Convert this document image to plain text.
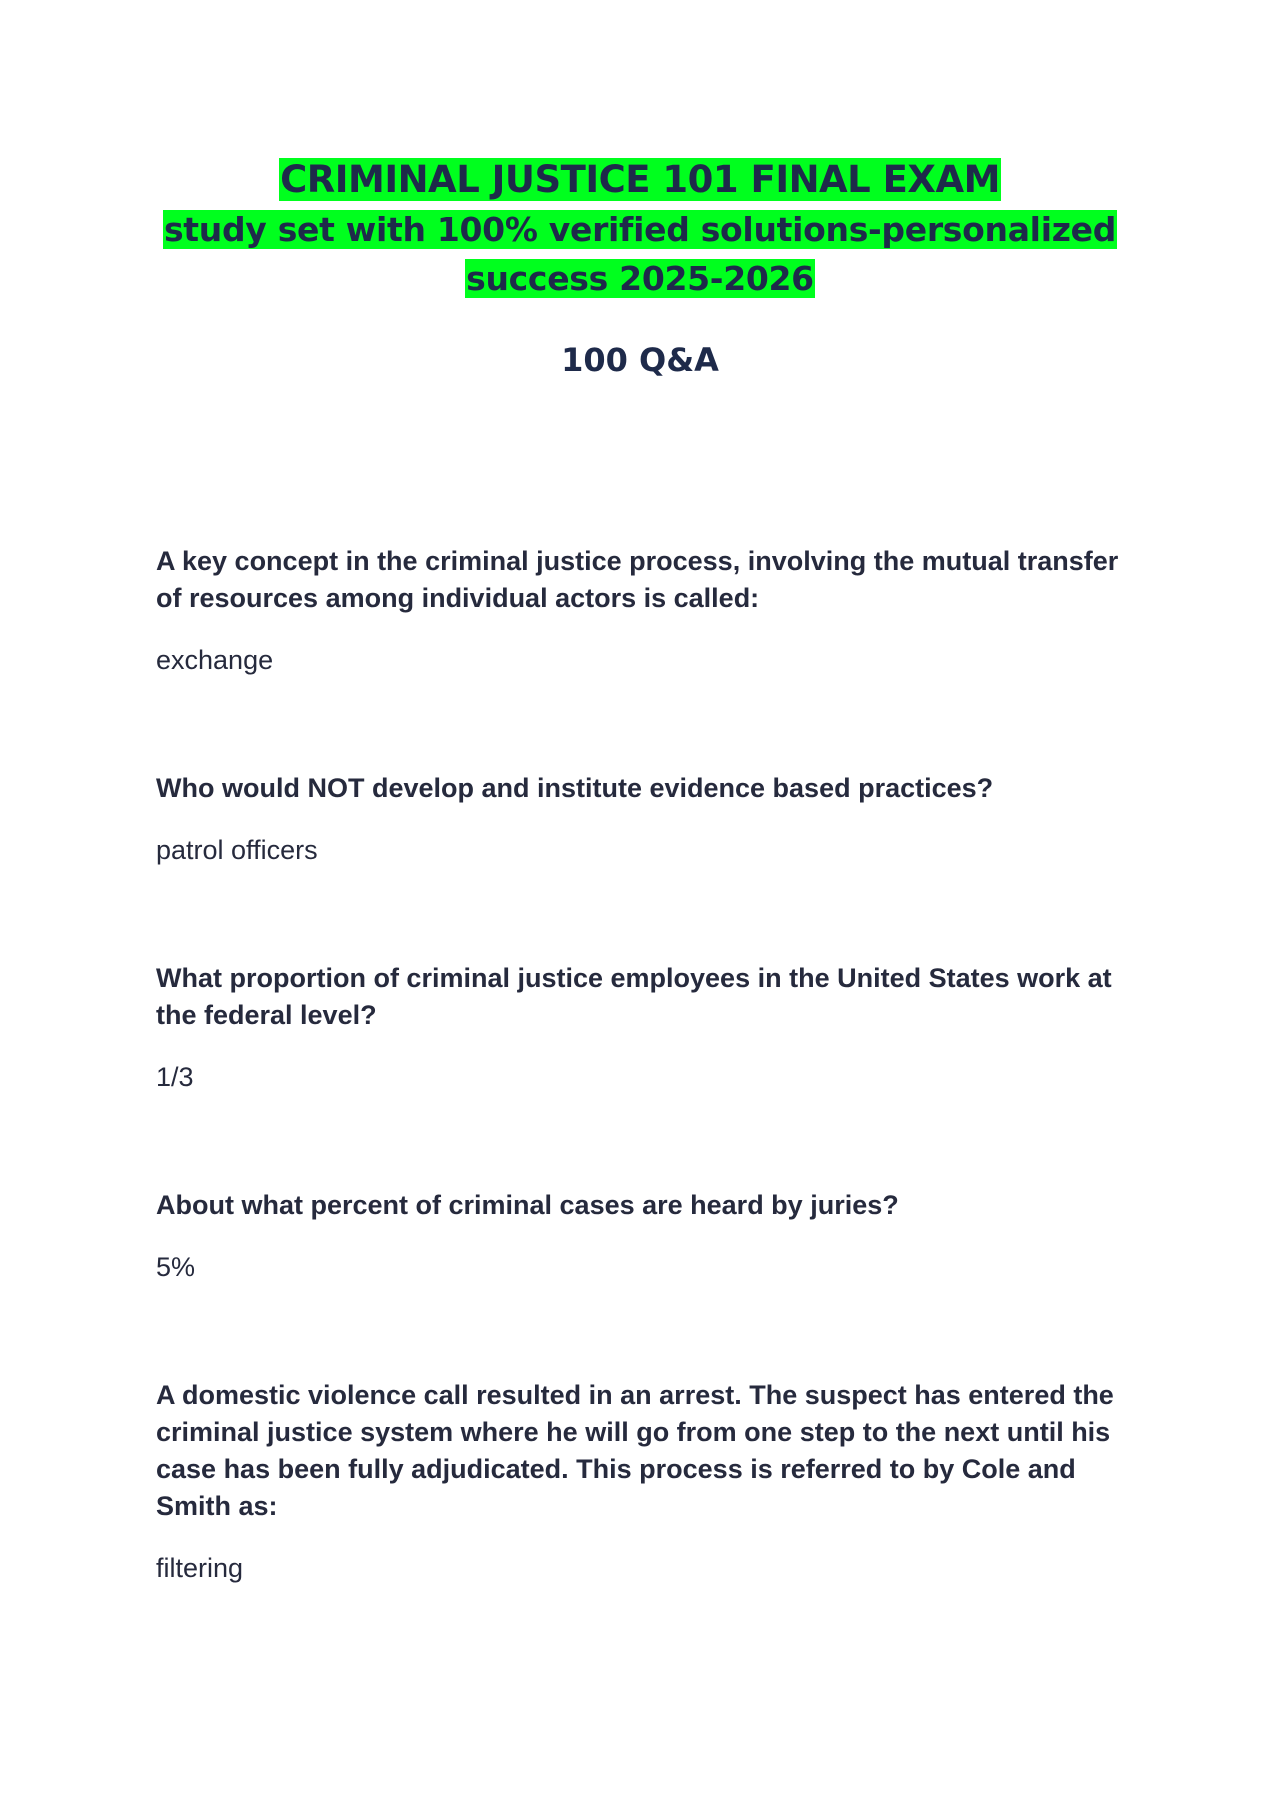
CRIMINAL JUSTICE 101 FINAL EXAM
study set with 100% verified solutions-personalized success 2025-2026
100 Q&A

A key concept in the criminal justice process, involving the mutual transfer of resources among individual actors is called:

exchange

Who would NOT develop and institute evidence based practices?

patrol officers

What proportion of criminal justice employees in the United States work at the federal level?

1/3

About what percent of criminal cases are heard by juries?

5%

A domestic violence call resulted in an arrest. The suspect has entered the criminal justice system where he will go from one step to the next until his case has been fully adjudicated. This process is referred to by Cole and Smith as:

filtering
